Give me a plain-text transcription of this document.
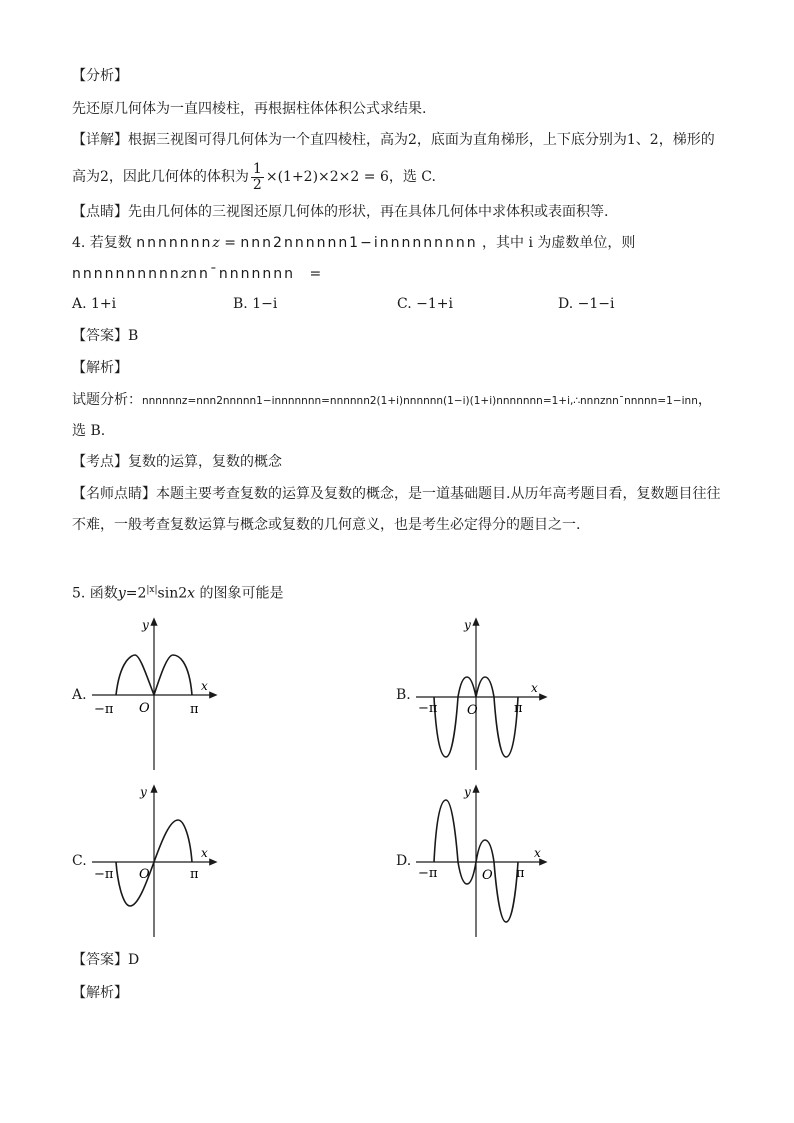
【分析】
先还原几何体为一直四棱柱，再根据柱体体积公式求结果.
【详解】根据三视图可得几何体为一个直四棱柱，高为2，底面为直角梯形，上下底分别为1、2，梯形的
高为2，因此几何体的体积为 $\frac{1}{2} \times(1+2)\times 2\times 2 = 6$，选 C.
【点睛】先由几何体的三视图还原几何体的形状，再在具体几何体中求体积或表面积等.
4. 若复数 nnnnnnnz = nnn2nnnnnn1−innnnnnnnn ，其中 i 为虚数单位，则
nnnnnnnnnnznn¯nnnnnnn =
A. 1+i	B. 1−i	C. −1+i	D. −1−i
【答案】B
【解析】
试题分析：nnnnnnz=nnn2nnnnn1−innnnnnn=nnnnnn2(1+i)nnnnnn(1−i)(1+i)nnnnnnn=1+i,∴nnnznn¯nnnnn=1−inn，
选 B.
【考点】复数的运算，复数的概念
【名师点睛】本题主要考查复数的运算及复数的概念，是一道基础题目.从历年高考题目看，复数题目往往
不难，一般考查复数运算与概念或复数的几何意义，也是考生必定得分的题目之一.
5. 函数$y=2^{|x|}\sin 2x$ 的图象可能是
A.	B.
C.	D.
−π	π
O
x
y
−π	π
O
x
y
−π	π
O
x
y
−π	π
O
x
y
【答案】D
【解析】
